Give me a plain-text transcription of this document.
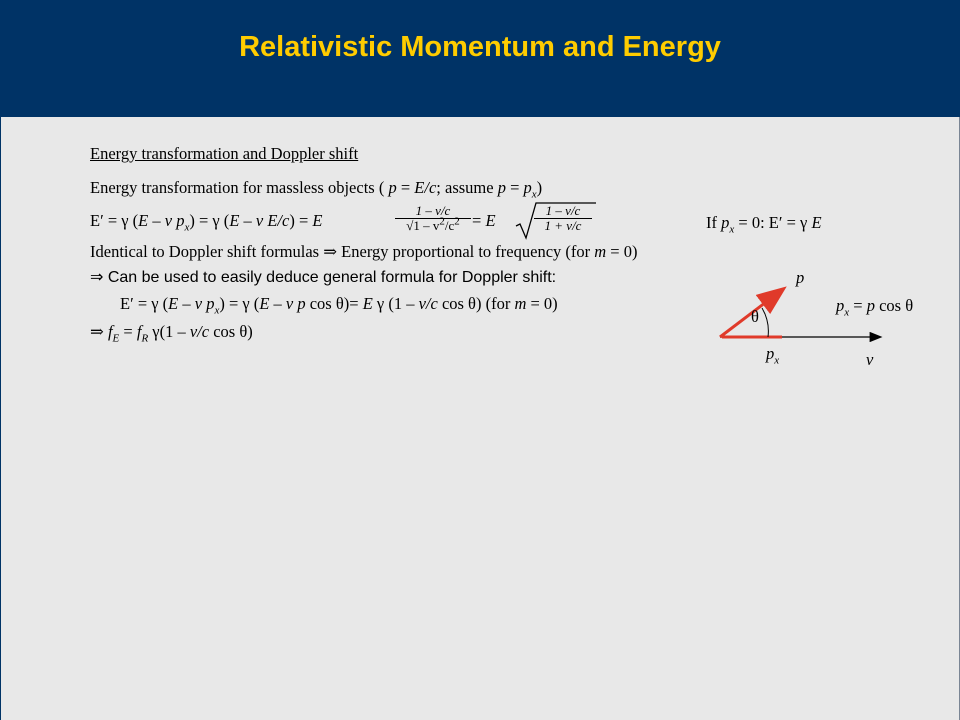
Relativistic Momentum and Energy
Energy transformation and Doppler shift
Energy transformation for massless objects ( p = E/c; assume $p = p_x$)
E′ = γ (E – v $p_x) = \gamma$ (E – v E/c) = E	$\frac{1 - v/c}{√1 - v^2/c^2} = E$	$\frac{1 - v/c}{1 + v/c}$	If $p_x = 0$: E′ = γ E
Identical to Doppler shift formulas ⇒ Energy proportional to frequency (for m = 0)
⇒ Can be used to easily deduce general formula for Doppler shift:
E′ = γ (E – v $p_x) = \gamma$ (E – v p cos θ)= E γ (1 – v/c cos θ) (for m = 0)
⇒ $f_E = f_R$ γ(1 – v/c cos θ)
p
θ
$p_x$	v
$p_x = p$ cos θ
